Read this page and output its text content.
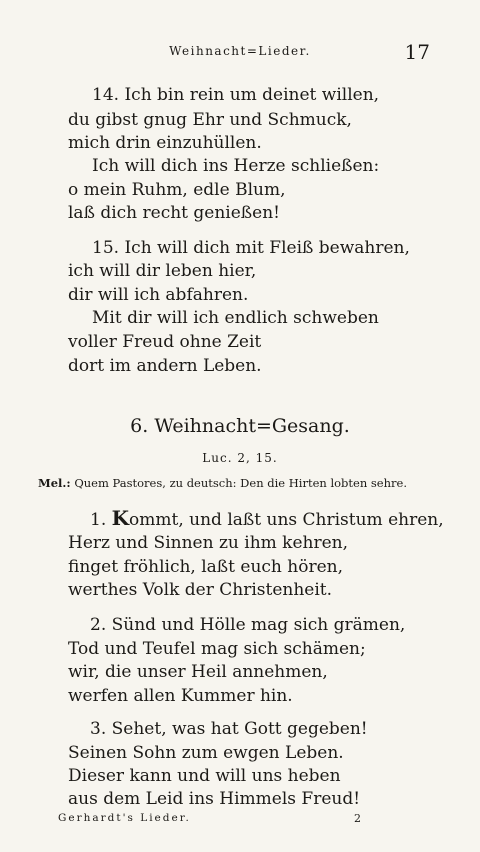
Weihnacht=Lieder.	17
14. Ich bin rein um deinet willen,
du gibst gnug Ehr und Schmuck,
mich drin einzuhüllen.
Ich will dich ins Herze schließen:
o mein Ruhm, edle Blum,
laß dich recht genießen!
15. Ich will dich mit Fleiß bewahren,
ich will dir leben hier,
dir will ich abfahren.
Mit dir will ich endlich schweben
voller Freud ohne Zeit
dort im andern Leben.
6. Weihnacht=Gesang.
Luc. 2, 15.
Mel.: Quem Pastores, zu deutsch: Den die Hirten lobten sehre.
1. Kommt, und laßt uns Christum ehren,
Herz und Sinnen zu ihm kehren,
finget fröhlich, laßt euch hören,
werthes Volk der Christenheit.
2. Sünd und Hölle mag sich grämen,
Tod und Teufel mag sich schämen;
wir, die unser Heil annehmen,
werfen allen Kummer hin.
3. Sehet, was hat Gott gegeben!
Seinen Sohn zum ewgen Leben.
Dieser kann und will uns heben
aus dem Leid ins Himmels Freud!
Gerhardt's Lieder.	2
